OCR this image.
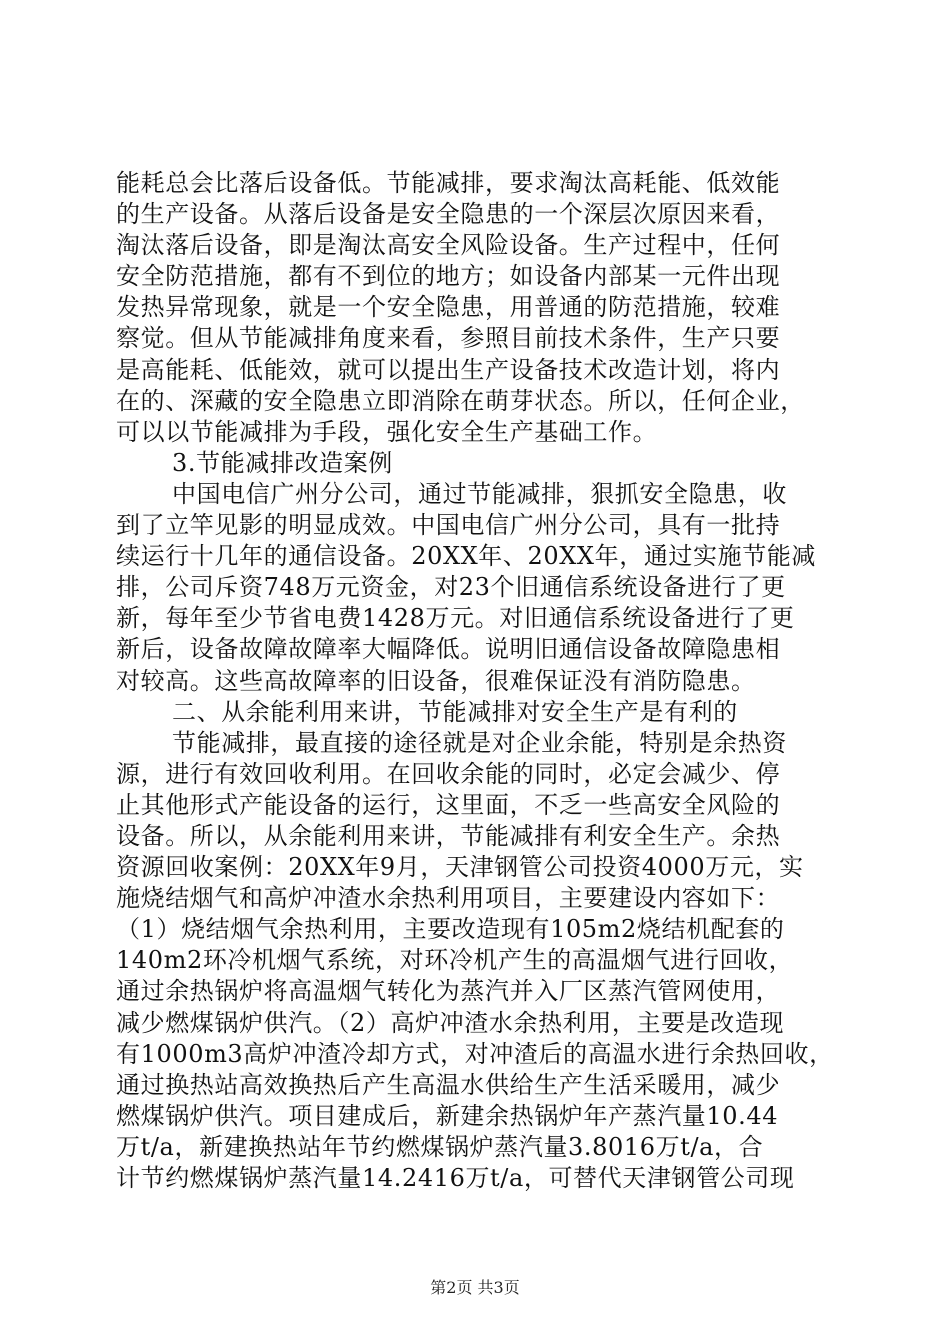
能耗总会比落后设备低。节能减排，要求淘汰高耗能、低效能
的生产设备。从落后设备是安全隐患的一个深层次原因来看，
淘汰落后设备，即是淘汰高安全风险设备。生产过程中，任何
安全防范措施，都有不到位的地方；如设备内部某一元件出现
发热异常现象，就是一个安全隐患，用普通的防范措施，较难
察觉。但从节能减排角度来看，参照目前技术条件，生产只要
是高能耗、低能效，就可以提出生产设备技术改造计划，将内
在的、深藏的安全隐患立即消除在萌芽状态。所以，任何企业，
可以以节能减排为手段，强化安全生产基础工作。
3.节能减排改造案例
中国电信广州分公司，通过节能减排，狠抓安全隐患，收
到了立竿见影的明显成效。中国电信广州分公司，具有一批持
续运行十几年的通信设备。20XX年、20XX年，通过实施节能减
排，公司斥资748万元资金，对23个旧通信系统设备进行了更
新，每年至少节省电费1428万元。对旧通信系统设备进行了更
新后，设备故障故障率大幅降低。说明旧通信设备故障隐患相
对较高。这些高故障率的旧设备，很难保证没有消防隐患。
二、从余能利用来讲，节能减排对安全生产是有利的
节能减排，最直接的途径就是对企业余能，特别是余热资
源，进行有效回收利用。在回收余能的同时，必定会减少、停
止其他形式产能设备的运行，这里面，不乏一些高安全风险的
设备。所以，从余能利用来讲，节能减排有利安全生产。余热
资源回收案例：20XX年9月，天津钢管公司投资4000万元，实
施烧结烟气和高炉冲渣水余热利用项目，主要建设内容如下：
（1）烧结烟气余热利用，主要改造现有105m2烧结机配套的
140m2环冷机烟气系统，对环冷机产生的高温烟气进行回收，
通过余热锅炉将高温烟气转化为蒸汽并入厂区蒸汽管网使用，
减少燃煤锅炉供汽。（2）高炉冲渣水余热利用，主要是改造现
有1000m3高炉冲渣冷却方式，对冲渣后的高温水进行余热回收，
通过换热站高效换热后产生高温水供给生产生活采暖用，减少
燃煤锅炉供汽。项目建成后，新建余热锅炉年产蒸汽量10.44
万t/a，新建换热站年节约燃煤锅炉蒸汽量3.8016万t/a，合
计节约燃煤锅炉蒸汽量14.2416万t/a，可替代天津钢管公司现
第2页 共3页
